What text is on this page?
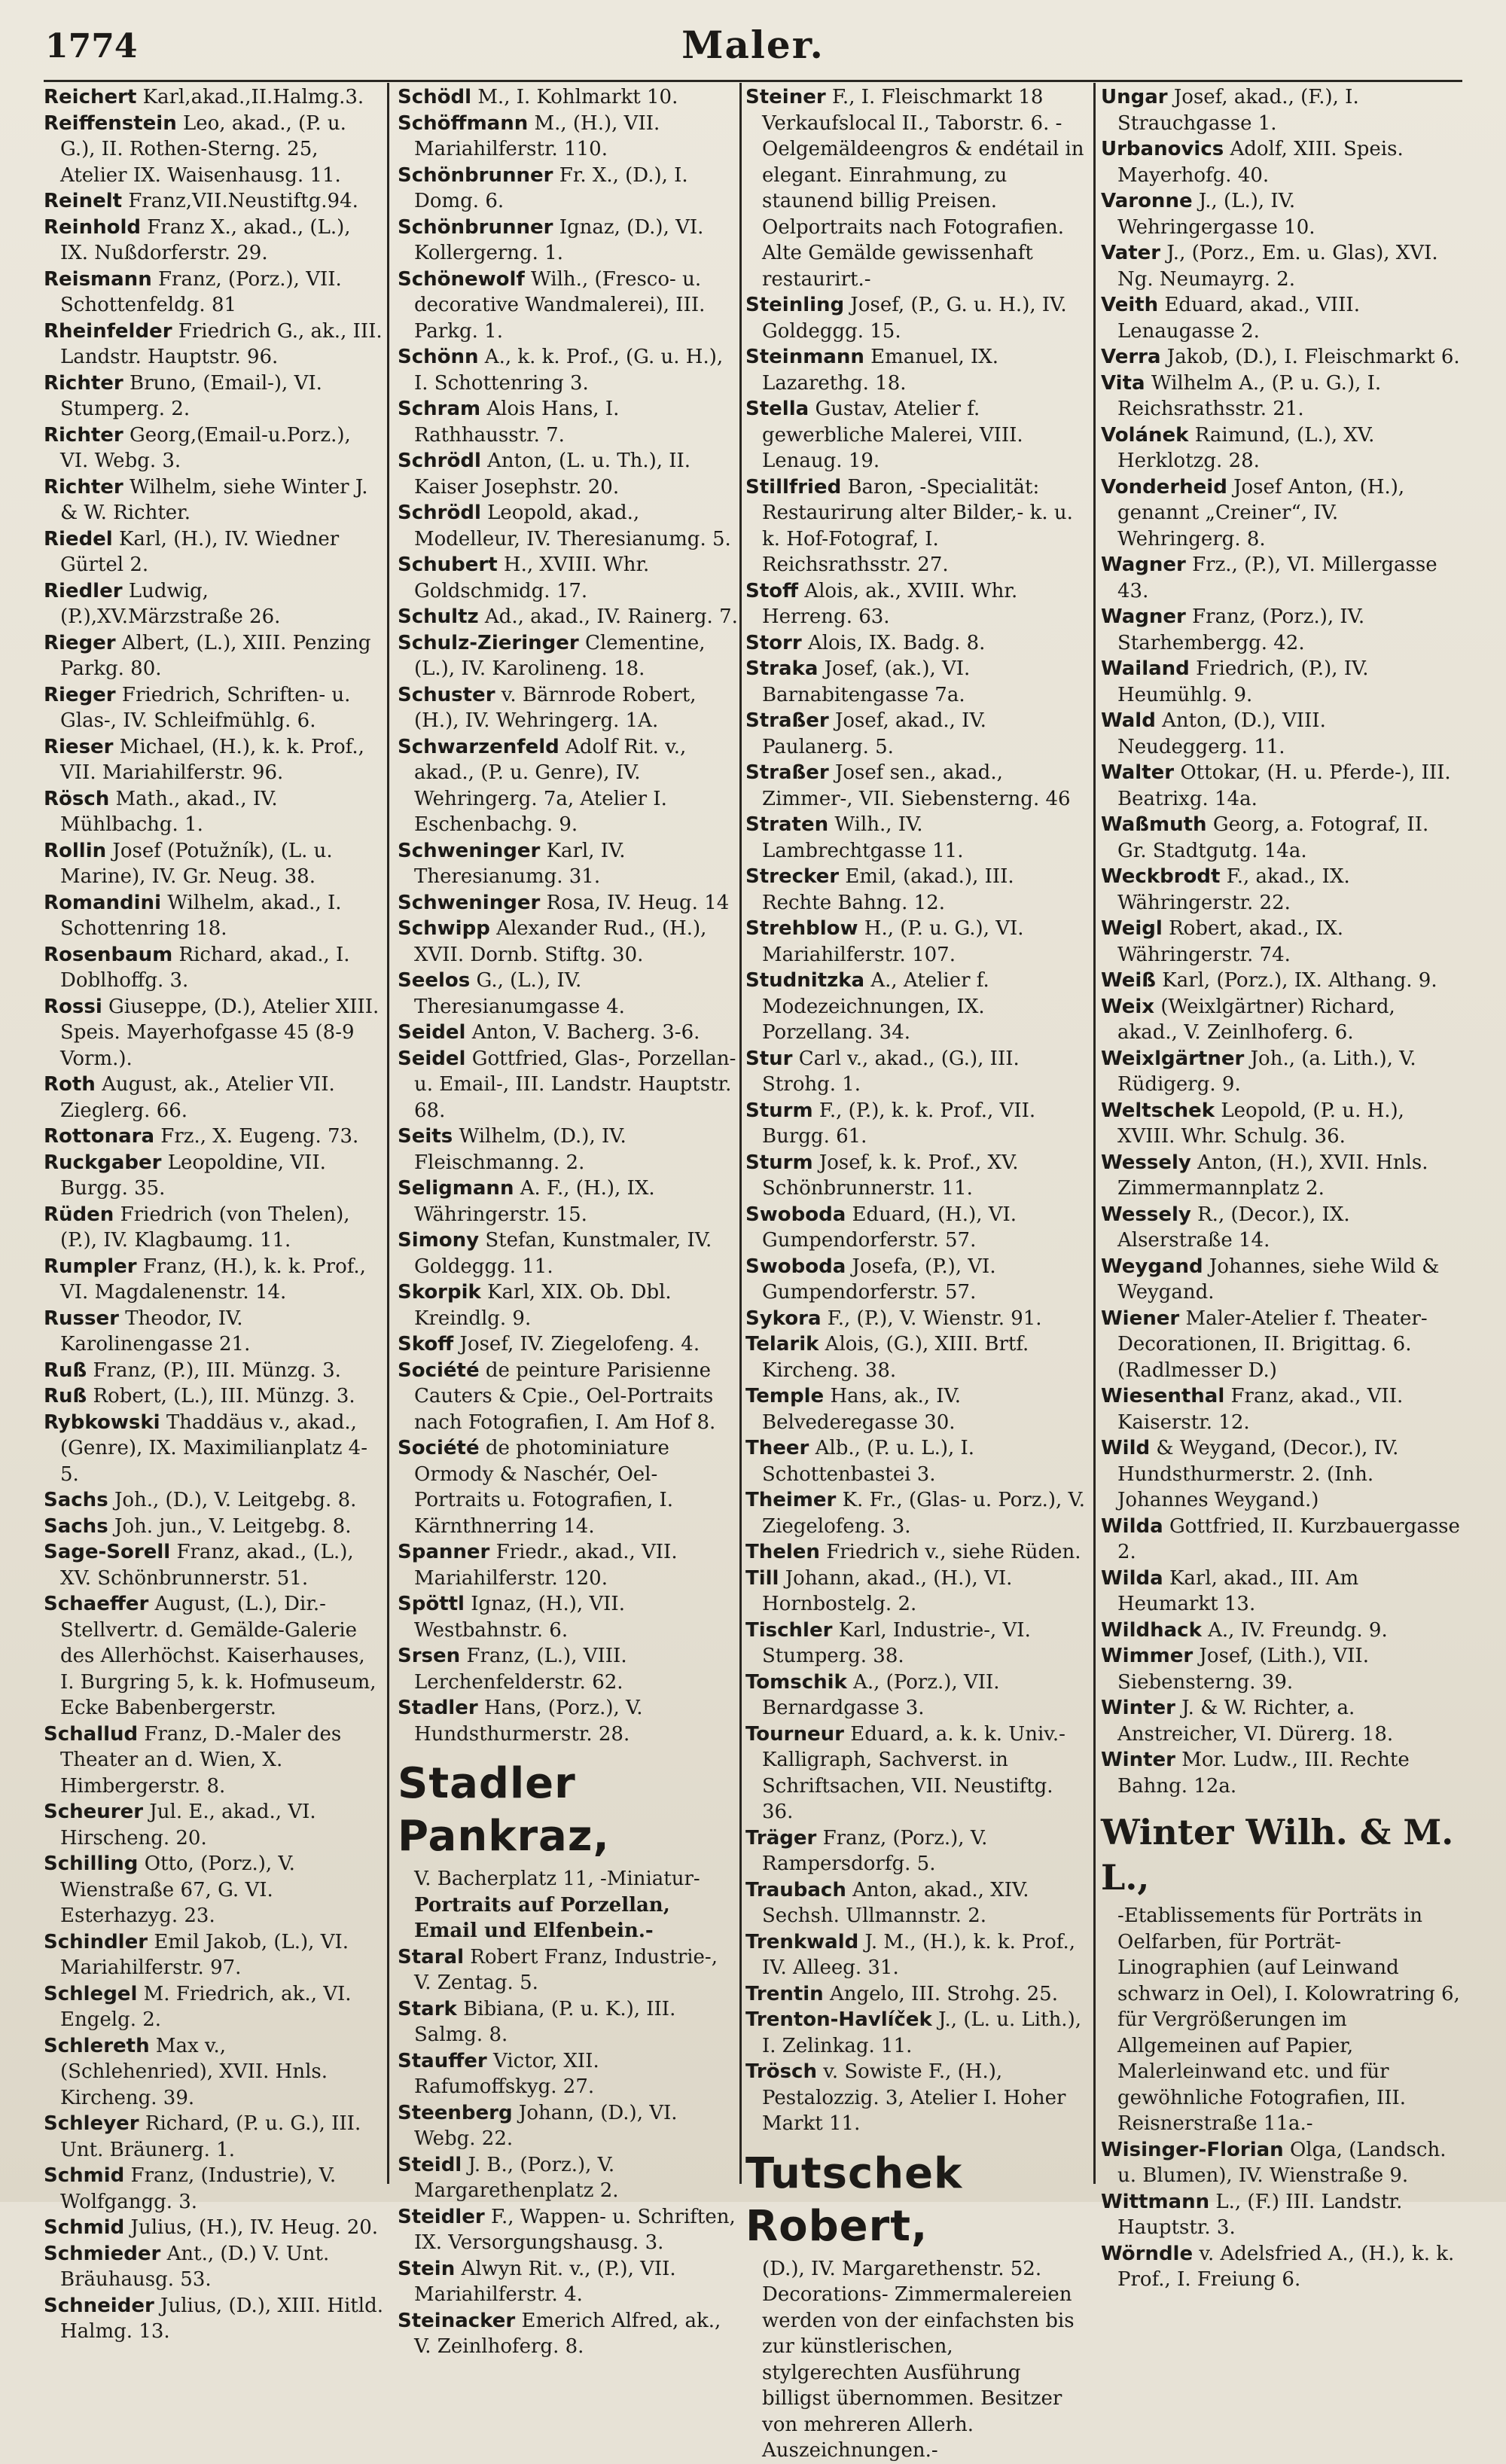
1774	Maler.

Reichert Karl,akad.,II.Halmg.3.

Reiffenstein Leo, akad., (P. u. G.), II. Rothen-Sterng. 25, Atelier IX. Waisenhausg. 11.

Reinelt Franz,VII.Neustiftg.94.

Reinhold Franz X., akad., (L.), IX. Nußdorferstr. 29.

Reismann Franz, (Porz.), VII. Schottenfeldg. 81

Rheinfelder Friedrich G., ak., III. Landstr. Hauptstr. 96.

Richter Bruno, (Email-), VI. Stumperg. 2.

Richter Georg,(Email-u.Porz.), VI. Webg. 3.

Richter Wilhelm, siehe Winter J. & W. Richter.

Riedel Karl, (H.), IV. Wiedner Gürtel 2.

Riedler Ludwig,(P.),XV.Märzstraße 26.

Rieger Albert, (L.), XIII. Penzing Parkg. 80.

Rieger Friedrich, Schriften- u. Glas-, IV. Schleifmühlg. 6.

Rieser Michael, (H.), k. k. Prof., VII. Mariahilferstr. 96.

Rösch Math., akad., IV. Mühlbachg. 1.

Rollin Josef (Potužník), (L. u. Marine), IV. Gr. Neug. 38.

Romandini Wilhelm, akad., I. Schottenring 18.

Rosenbaum Richard, akad., I. Doblhoffg. 3.

Rossi Giuseppe, (D.), Atelier XIII. Speis. Mayerhofgasse 45 (8-9 Vorm.).

Roth August, ak., Atelier VII. Zieglerg. 66.

Rottonara Frz., X. Eugeng. 73.

Ruckgaber Leopoldine, VII. Burgg. 35.

Rüden Friedrich (von Thelen), (P.), IV. Klagbaumg. 11.

Rumpler Franz, (H.), k. k. Prof., VI. Magdalenenstr. 14.

Russer Theodor, IV. Karolinengasse 21.

Ruß Franz, (P.), III. Münzg. 3.

Ruß Robert, (L.), III. Münzg. 3.

Rybkowski Thaddäus v., akad., (Genre), IX. Maximilianplatz 4-5.

Sachs Joh., (D.), V. Leitgebg. 8.

Sachs Joh. jun., V. Leitgebg. 8.

Sage-Sorell Franz, akad., (L.), XV. Schönbrunnerstr. 51.

Schaeffer August, (L.), Dir.-Stellvertr. d. Gemälde-Galerie des Allerhöchst. Kaiserhauses, I. Burgring 5, k. k. Hofmuseum, Ecke Babenbergerstr.

Schallud Franz, D.-Maler des Theater an d. Wien, X. Himbergerstr. 8.

Scheurer Jul. E., akad., VI. Hirscheng. 20.

Schilling Otto, (Porz.), V. Wienstraße 67, G. VI. Esterhazyg. 23.

Schindler Emil Jakob, (L.), VI. Mariahilferstr. 97.

Schlegel M. Friedrich, ak., VI. Engelg. 2.

Schlereth Max v., (Schlehenried), XVII. Hnls. Kircheng. 39.

Schleyer Richard, (P. u. G.), III. Unt. Bräunerg. 1.

Schmid Franz, (Industrie), V. Wolfgangg. 3.

Schmid Julius, (H.), IV. Heug. 20.

Schmieder Ant., (D.) V. Unt. Bräuhausg. 53.

Schneider Julius, (D.), XIII. Hitld. Halmg. 13.

Schödl M., I. Kohlmarkt 10.

Schöffmann M., (H.), VII. Mariahilferstr. 110.

Schönbrunner Fr. X., (D.), I. Domg. 6.

Schönbrunner Ignaz, (D.), VI. Kollergerng. 1.

Schönewolf Wilh., (Fresco- u. decorative Wandmalerei), III. Parkg. 1.

Schönn A., k. k. Prof., (G. u. H.), I. Schottenring 3.

Schram Alois Hans, I. Rathhausstr. 7.

Schrödl Anton, (L. u. Th.), II. Kaiser Josephstr. 20.

Schrödl Leopold, akad., Modelleur, IV. Theresianumg. 5.

Schubert H., XVIII. Whr. Goldschmidg. 17.

Schultz Ad., akad., IV. Rainerg. 7.

Schulz-Zieringer Clementine, (L.), IV. Karolineng. 18.

Schuster v. Bärnrode Robert, (H.), IV. Wehringerg. 1A.

Schwarzenfeld Adolf Rit. v., akad., (P. u. Genre), IV. Wehringerg. 7a, Atelier I. Eschenbachg. 9.

Schweninger Karl, IV. Theresianumg. 31.

Schweninger Rosa, IV. Heug. 14

Schwipp Alexander Rud., (H.), XVII. Dornb. Stiftg. 30.

Seelos G., (L.), IV. Theresianumgasse 4.

Seidel Anton, V. Bacherg. 3-6.

Seidel Gottfried, Glas-, Porzellan- u. Email-, III. Landstr. Hauptstr. 68.

Seits Wilhelm, (D.), IV. Fleischmanng. 2.

Seligmann A. F., (H.), IX. Währingerstr. 15.

Simony Stefan, Kunstmaler, IV. Goldeggg. 11.

Skorpik Karl, XIX. Ob. Dbl. Kreindlg. 9.

Skoff Josef, IV. Ziegelofeng. 4.

Société de peinture Parisienne Cauters & Cpie., Oel-Portraits nach Fotografien, I. Am Hof 8.

Société de photominiature Ormody & Naschér, Oel-Portraits u. Fotografien, I. Kärnthnerring 14.

Spanner Friedr., akad., VII. Mariahilferstr. 120.

Spöttl Ignaz, (H.), VII. Westbahnstr. 6.

Srsen Franz, (L.), VIII. Lerchenfelderstr. 62.

Stadler Hans, (Porz.), V. Hundsthurmerstr. 28.

Stadler Pankraz,

V. Bacherplatz 11, -Miniatur-

Portraits auf Porzellan,

Email und Elfenbein.-

Staral Robert Franz, Industrie-, V. Zentag. 5.

Stark Bibiana, (P. u. K.), III. Salmg. 8.

Stauffer Victor, XII. Rafumoffskyg. 27.

Steenberg Johann, (D.), VI. Webg. 22.

Steidl J. B., (Porz.), V. Margarethenplatz 2.

Steidler F., Wappen- u. Schriften, IX. Versorgungshausg. 3.

Stein Alwyn Rit. v., (P.), VII. Mariahilferstr. 4.

Steinacker Emerich Alfred, ak., V. Zeinlhoferg. 8.

Steiner F., I. Fleischmarkt 18 Verkaufslocal II., Taborstr. 6. -Oelgemäldeengros & endétail in elegant. Einrahmung, zu staunend billig Preisen. Oelportraits nach Fotografien. Alte Gemälde gewissenhaft restaurirt.-

Steinling Josef, (P., G. u. H.), IV. Goldeggg. 15.

Steinmann Emanuel, IX. Lazarethg. 18.

Stella Gustav, Atelier f. gewerbliche Malerei, VIII. Lenaug. 19.

Stillfried Baron, -Specialität: Restaurirung alter Bilder,- k. u. k. Hof-Fotograf, I. Reichsrathsstr. 27.

Stoff Alois, ak., XVIII. Whr. Herreng. 63.

Storr Alois, IX. Badg. 8.

Straka Josef, (ak.), VI. Barnabitengasse 7a.

Straßer Josef, akad., IV. Paulanerg. 5.

Straßer Josef sen., akad., Zimmer-, VII. Siebensterng. 46

Straten Wilh., IV. Lambrechtgasse 11.

Strecker Emil, (akad.), III. Rechte Bahng. 12.

Strehblow H., (P. u. G.), VI. Mariahilferstr. 107.

Studnitzka A., Atelier f. Modezeichnungen, IX. Porzellang. 34.

Stur Carl v., akad., (G.), III. Strohg. 1.

Sturm F., (P.), k. k. Prof., VII. Burgg. 61.

Sturm Josef, k. k. Prof., XV. Schönbrunnerstr. 11.

Swoboda Eduard, (H.), VI. Gumpendorferstr. 57.

Swoboda Josefa, (P.), VI. Gumpendorferstr. 57.

Sykora F., (P.), V. Wienstr. 91.

Telarik Alois, (G.), XIII. Brtf. Kircheng. 38.

Temple Hans, ak., IV. Belvederegasse 30.

Theer Alb., (P. u. L.), I. Schottenbastei 3.

Theimer K. Fr., (Glas- u. Porz.), V. Ziegelofeng. 3.

Thelen Friedrich v., siehe Rüden.

Till Johann, akad., (H.), VI. Hornbostelg. 2.

Tischler Karl, Industrie-, VI. Stumperg. 38.

Tomschik A., (Porz.), VII. Bernardgasse 3.

Tourneur Eduard, a. k. k. Univ.-Kalligraph, Sachverst. in Schriftsachen, VII. Neustiftg. 36.

Träger Franz, (Porz.), V. Rampersdorfg. 5.

Traubach Anton, akad., XIV. Sechsh. Ullmannstr. 2.

Trenkwald J. M., (H.), k. k. Prof., IV. Alleeg. 31.

Trentin Angelo, III. Strohg. 25.

Trenton-Havlíček J., (L. u. Lith.), I. Zelinkag. 11.

Trösch v. Sowiste F., (H.), Pestalozzig. 3, Atelier I. Hoher Markt 11.

Tutschek Robert,

(D.), IV. Margarethenstr. 52. Decorations- Zimmermalereien werden von der einfachsten bis zur künstlerischen, stylgerechten Ausführung billigst übernommen. Besitzer von mehreren Allerh. Auszeichnungen.-

Ungar Josef, akad., (F.), I. Strauchgasse 1.

Urbanovics Adolf, XIII. Speis. Mayerhofg. 40.

Varonne J., (L.), IV. Wehringergasse 10.

Vater J., (Porz., Em. u. Glas), XVI. Ng. Neumayrg. 2.

Veith Eduard, akad., VIII. Lenaugasse 2.

Verra Jakob, (D.), I. Fleischmarkt 6.

Vita Wilhelm A., (P. u. G.), I. Reichsrathsstr. 21.

Volánek Raimund, (L.), XV. Herklotzg. 28.

Vonderheid Josef Anton, (H.), genannt „Creiner“, IV. Wehringerg. 8.

Wagner Frz., (P.), VI. Millergasse 43.

Wagner Franz, (Porz.), IV. Starhembergg. 42.

Wailand Friedrich, (P.), IV. Heumühlg. 9.

Wald Anton, (D.), VIII. Neudeggerg. 11.

Walter Ottokar, (H. u. Pferde-), III. Beatrixg. 14a.

Waßmuth Georg, a. Fotograf, II. Gr. Stadtgutg. 14a.

Weckbrodt F., akad., IX. Währingerstr. 22.

Weigl Robert, akad., IX. Währingerstr. 74.

Weiß Karl, (Porz.), IX. Althang. 9.

Weix (Weixlgärtner) Richard, akad., V. Zeinlhoferg. 6.

Weixlgärtner Joh., (a. Lith.), V. Rüdigerg. 9.

Weltschek Leopold, (P. u. H.), XVIII. Whr. Schulg. 36.

Wessely Anton, (H.), XVII. Hnls. Zimmermannplatz 2.

Wessely R., (Decor.), IX. Alserstraße 14.

Weygand Johannes, siehe Wild & Weygand.

Wiener Maler-Atelier f. Theater-Decorationen, II. Brigittag. 6. (Radlmesser D.)

Wiesenthal Franz, akad., VII. Kaiserstr. 12.

Wild & Weygand, (Decor.), IV. Hundsthurmerstr. 2. (Inh. Johannes Weygand.)

Wilda Gottfried, II. Kurzbauergasse 2.

Wilda Karl, akad., III. Am Heumarkt 13.

Wildhack A., IV. Freundg. 9.

Wimmer Josef, (Lith.), VII. Siebensterng. 39.

Winter J. & W. Richter, a. Anstreicher, VI. Dürerg. 18.

Winter Mor. Ludw., III. Rechte Bahng. 12a.

Winter Wilh. & M. L.,

-Etablissements für Porträts in Oelfarben, für Porträt-Linographien (auf Leinwand schwarz in Oel), I. Kolowratring 6, für Vergrößerungen im Allgemeinen auf Papier, Malerleinwand etc. und für gewöhnliche Fotografien, III. Reisnerstraße 11a.-

Wisinger-Florian Olga, (Landsch. u. Blumen), IV. Wienstraße 9.

Wittmann L., (F.) III. Landstr. Hauptstr. 3.

Wörndle v. Adelsfried A., (H.), k. k. Prof., I. Freiung 6.
